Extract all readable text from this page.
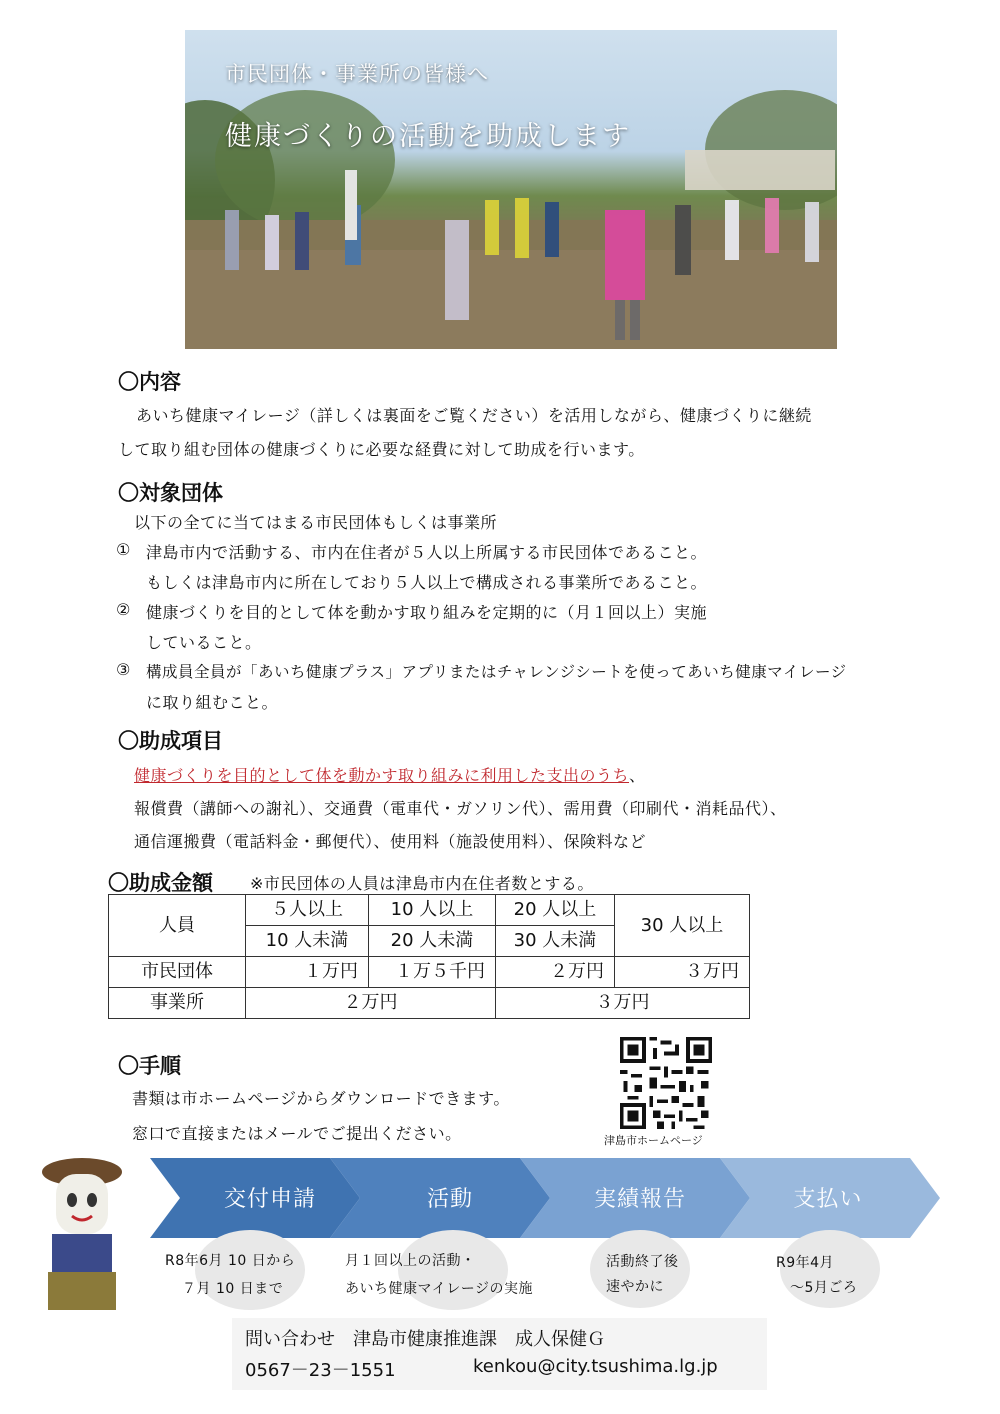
市民団体・事業所の皆様へ
健康づくりの活動を助成します
〇内容
あいち健康マイレージ（詳しくは裏面をご覧ください）を活用しながら、健康づくりに継続
して取り組む団体の健康づくりに必要な経費に対して助成を行います。
〇対象団体
以下の全てに当てはまる市民団体もしくは事業所
① 津島市内で活動する、市内在住者が５人以上所属する市民団体であること。
もしくは津島市内に所在しており５人以上で構成される事業所であること。
② 健康づくりを目的として体を動かす取り組みを定期的に（月１回以上）実施
していること。
③ 構成員全員が「あいち健康プラス」アプリまたはチャレンジシートを使ってあいち健康マイレージ
に取り組むこと。
〇助成項目
健康づくりを目的として体を動かす取り組みに利用した支出のうち、
報償費（講師への謝礼）、交通費（電車代・ガソリン代）、需用費（印刷代・消耗品代）、
通信運搬費（電話料金・郵便代）、使用料（施設使用料）、保険料など
〇助成金額 ※市民団体の人員は津島市内在住者数とする。
人員	５人以上	10 人以上	20 人以上	30 人以上
	10 人未満	20 人未満	30 人未満	
市民団体	１万円	１万５千円	２万円	３万円
事業所	２万円		３万円	
〇手順
書類は市ホームページからダウンロードできます。
窓口で直接またはメールでご提出ください。	津島市ホームページ
交付申請	活動	実績報告	支払い
R8年6月 10 日から
７月 10 日まで
月１回以上の活動・
あいち健康マイレージの実施
活動終了後
速やかに
R9年4月
～5月ごろ
問い合わせ　津島市健康推進課　成人保健Ｇ
0567－23－1551	kenkou@city.tsushima.lg.jp
